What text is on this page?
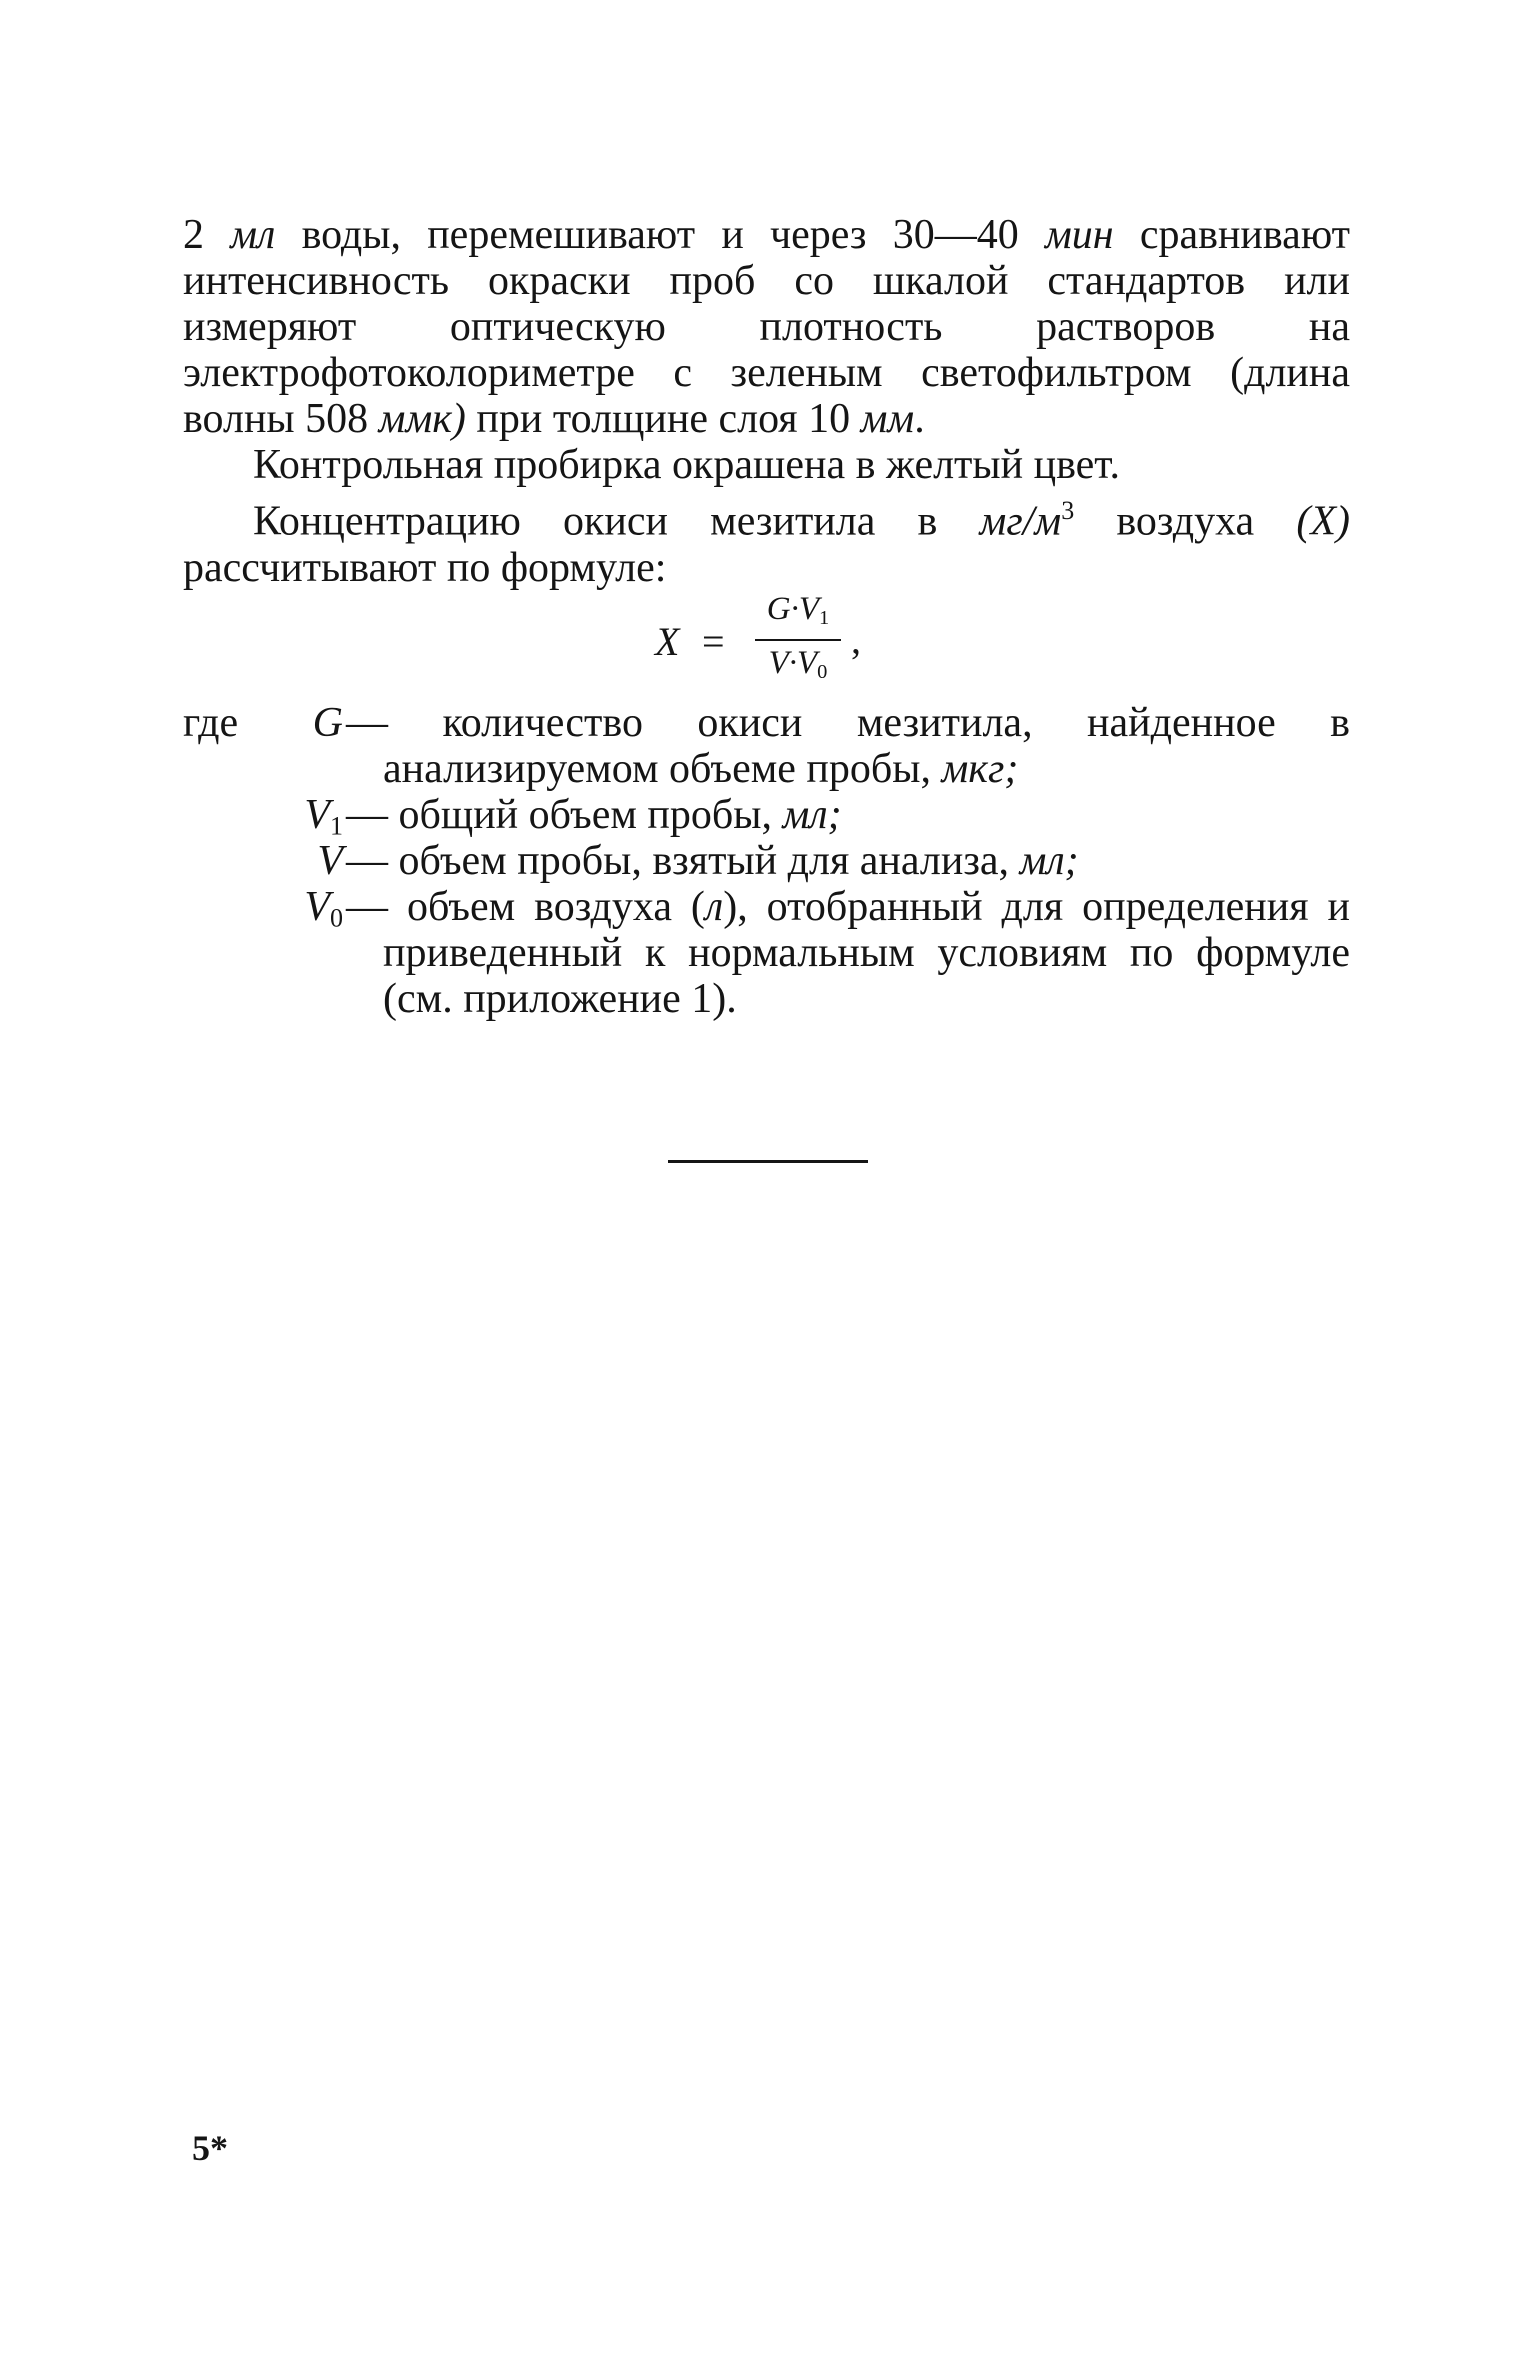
2 мл воды, перемешивают и через 30—40 мин сравнивают интенсивность окраски проб со шкалой стандартов или измеряют оптическую плотность растворов на электрофотоколориметре с зеленым светофильтром (длина волны 508 ммк) при толщине слоя 10 мм.

Контрольная пробирка окрашена в желтый цвет.

Концентрацию окиси мезитила в $мг/м^3$ воздуха (X) рассчитывают по формуле:

X =
$G\cdot V_1$
$V\cdot V_0$
,
где	G — количество окиси мезитила, найденное в анализируемом объеме пробы, мкг;
$V_1$ — общий объем пробы, мл;
V — объем пробы, взятый для анализа, мл;
$V_0$ — объем воздуха (л), отобранный для определения и приведенный к нормальным условиям по формуле (см. приложение 1).
5*
